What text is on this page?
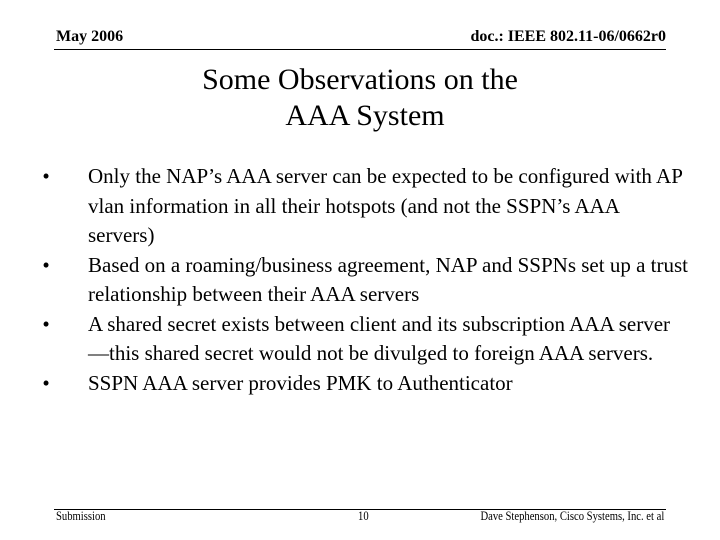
May 2006	doc.: IEEE 802.11-06/0662r0
Some Observations on the
AAA System
•	Only the NAP’s AAA server can be expected to be configured with AP vlan information in all their hotspots (and not the SSPN’s AAA servers)
•	Based on a roaming/business agreement, NAP and SSPNs set up a trust relationship between their AAA servers
•	A shared secret exists between client and its subscription AAA server—this shared secret would not be divulged to foreign AAA servers.
•	SSPN AAA server provides PMK to Authenticator
Submission	10	Dave Stephenson, Cisco Systems, Inc. et al
